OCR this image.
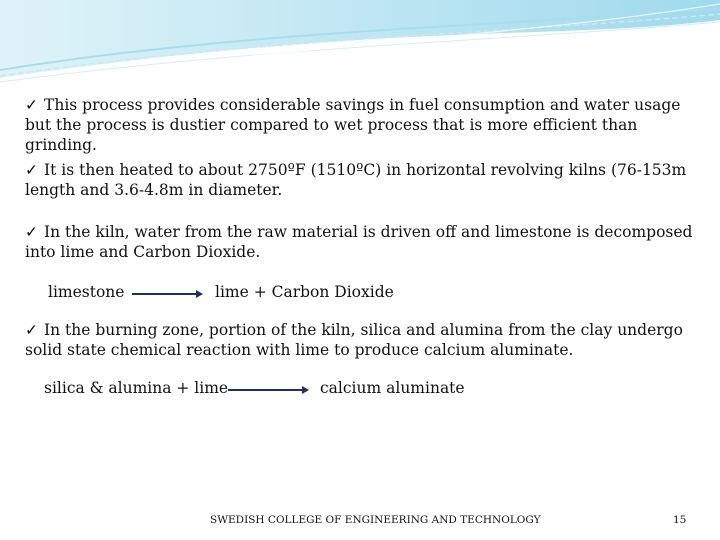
✓ This process provides considerable savings in fuel consumption and water usage but the process is dustier compared to wet process that is more efficient than grinding.
✓ It is then heated to about 2750ºF (1510ºC) in horizontal revolving kilns (76-153m length and 3.6-4.8m in diameter.
✓ In the kiln, water from the raw material is driven off and limestone is decomposed into lime and Carbon Dioxide.
limestone	lime + Carbon Dioxide
✓ In the burning zone, portion of the kiln, silica and alumina from the clay undergo solid state chemical reaction with lime to produce calcium aluminate.
silica & alumina + lime	calcium aluminate
SWEDISH COLLEGE OF ENGINEERING AND TECHNOLOGY	15
